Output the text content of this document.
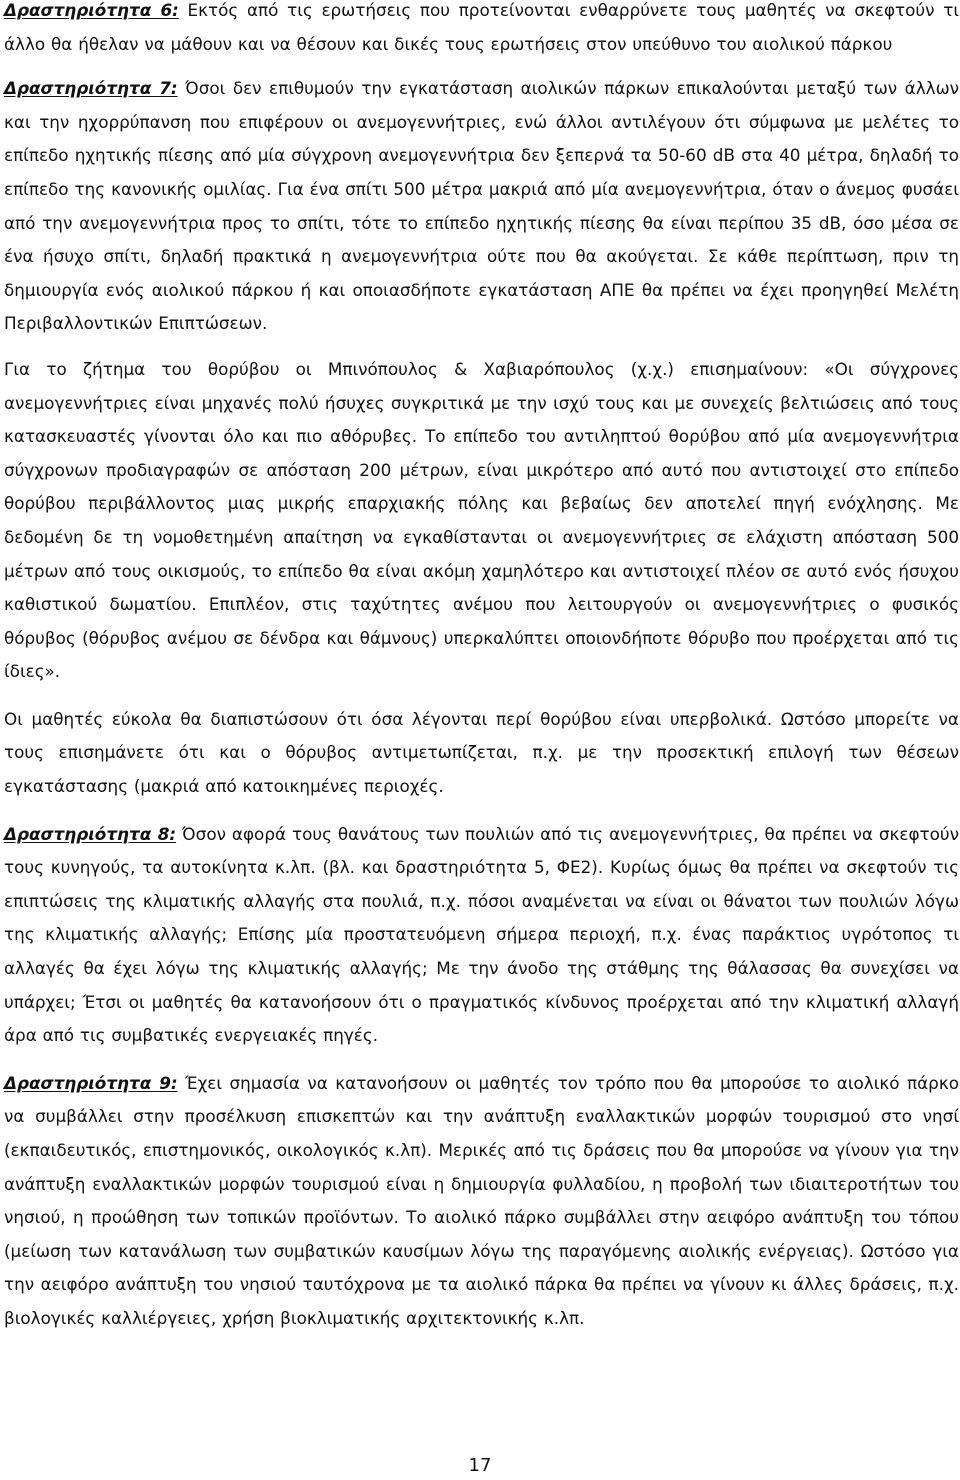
Δραστηριότητα 6: Εκτός από τις ερωτήσεις που προτείνονται ενθαρρύνετε τους μαθητές να σκεφτούν τι άλλο θα ήθελαν να μάθουν και να θέσουν και δικές τους ερωτήσεις στον υπεύθυνο του αιολικού πάρκου

Δραστηριότητα 7: Όσοι δεν επιθυμούν την εγκατάσταση αιολικών πάρκων επικαλούνται μεταξύ των άλλων και την ηχορρύπανση που επιφέρουν οι ανεμογεννήτριες, ενώ άλλοι αντιλέγουν ότι σύμφωνα με μελέτες το επίπεδο ηχητικής πίεσης από μία σύγχρονη ανεμογεννήτρια δεν ξεπερνά τα 50-60 dB στα 40 μέτρα, δηλαδή το επίπεδο της κανονικής ομιλίας. Για ένα σπίτι 500 μέτρα μακριά από μία ανεμογεννήτρια, όταν ο άνεμος φυσάει από την ανεμογεννήτρια προς το σπίτι, τότε το επίπεδο ηχητικής πίεσης θα είναι περίπου 35 dB, όσο μέσα σε ένα ήσυχο σπίτι, δηλαδή πρακτικά η ανεμογεννήτρια ούτε που θα ακούγεται. Σε κάθε περίπτωση, πριν τη δημιουργία ενός αιολικού πάρκου ή και οποιασδήποτε εγκατάσταση ΑΠΕ θα πρέπει να έχει προηγηθεί Μελέτη Περιβαλλοντικών Επιπτώσεων.

Για το ζήτημα του θορύβου οι Μπινόπουλος & Χαβιαρόπουλος (χ.χ.) επισημαίνουν: «Οι σύγχρονες ανεμογεννήτριες είναι μηχανές πολύ ήσυχες συγκριτικά με την ισχύ τους και με συνεχείς βελτιώσεις από τους κατασκευαστές γίνονται όλο και πιο αθόρυβες. Το επίπεδο του αντιληπτού θορύβου από μία ανεμογεννήτρια σύγχρονων προδιαγραφών σε απόσταση 200 μέτρων, είναι μικρότερο από αυτό που αντιστοιχεί στο επίπεδο θορύβου περιβάλλοντος μιας μικρής επαρχιακής πόλης και βεβαίως δεν αποτελεί πηγή ενόχλησης. Με δεδομένη δε τη νομοθετημένη απαίτηση να εγκαθίστανται οι ανεμογεννήτριες σε ελάχιστη απόσταση 500 μέτρων από τους οικισμούς, το επίπεδο θα είναι ακόμη χαμηλότερο και αντιστοιχεί πλέον σε αυτό ενός ήσυχου καθιστικού δωματίου. Επιπλέον, στις ταχύτητες ανέμου που λειτουργούν οι ανεμογεννήτριες ο φυσικός θόρυβος (θόρυβος ανέμου σε δένδρα και θάμνους) υπερκαλύπτει οποιονδήποτε θόρυβο που προέρχεται από τις ίδιες».

Οι μαθητές εύκολα θα διαπιστώσουν ότι όσα λέγονται περί θορύβου είναι υπερβολικά. Ωστόσο μπορείτε να τους επισημάνετε ότι και ο θόρυβος αντιμετωπίζεται, π.χ. με την προσεκτική επιλογή των θέσεων εγκατάστασης (μακριά από κατοικημένες περιοχές.

Δραστηριότητα 8: Όσον αφορά τους θανάτους των πουλιών από τις ανεμογεννήτριες, θα πρέπει να σκεφτούν τους κυνηγούς, τα αυτοκίνητα κ.λπ. (βλ. και δραστηριότητα 5, ΦΕ2). Κυρίως όμως θα πρέπει να σκεφτούν τις επιπτώσεις της κλιματικής αλλαγής στα πουλιά, π.χ. πόσοι αναμένεται να είναι οι θάνατοι των πουλιών λόγω της κλιματικής αλλαγής; Επίσης μία προστατευόμενη σήμερα περιοχή, π.χ. ένας παράκτιος υγρότοπος τι αλλαγές θα έχει λόγω της κλιματικής αλλαγής; Με την άνοδο της στάθμης της θάλασσας θα συνεχίσει να υπάρχει; Έτσι οι μαθητές θα κατανοήσουν ότι ο πραγματικός κίνδυνος προέρχεται από την κλιματική αλλαγή άρα από τις συμβατικές ενεργειακές πηγές.

Δραστηριότητα 9: Έχει σημασία να κατανοήσουν οι μαθητές τον τρόπο που θα μπορούσε το αιολικό πάρκο να συμβάλλει στην προσέλκυση επισκεπτών και την ανάπτυξη εναλλακτικών μορφών τουρισμού στο νησί (εκπαιδευτικός, επιστημονικός, οικολογικός κ.λπ). Μερικές από τις δράσεις που θα μπορούσε να γίνουν για την ανάπτυξη εναλλακτικών μορφών τουρισμού είναι η δημιουργία φυλλαδίου, η προβολή των ιδιαιτεροτήτων του νησιού, η προώθηση των τοπικών προϊόντων. Το αιολικό πάρκο συμβάλλει στην αειφόρο ανάπτυξη του τόπου (μείωση των κατανάλωση των συμβατικών καυσίμων λόγω της παραγόμενης αιολικής ενέργειας). Ωστόσο για την αειφόρο ανάπτυξη του νησιού ταυτόχρονα με τα αιολικό πάρκα θα πρέπει να γίνουν κι άλλες δράσεις, π.χ. βιολογικές καλλιέργειες, χρήση βιοκλιματικής αρχιτεκτονικής κ.λπ.

17
